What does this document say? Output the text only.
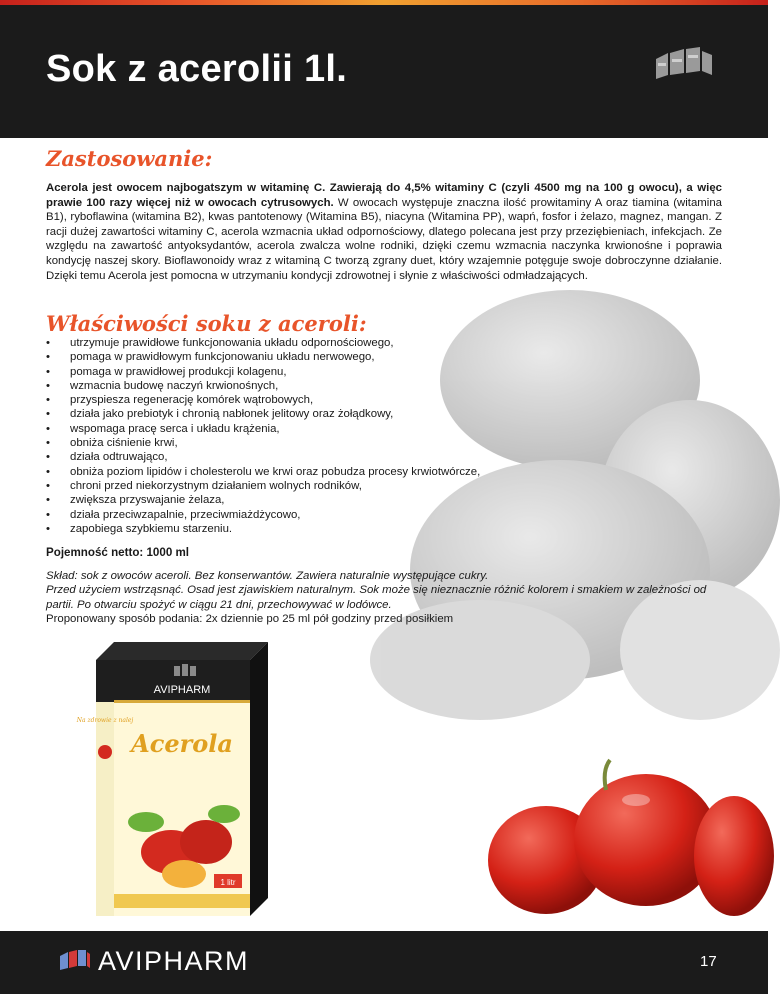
Sok z acerolii 1l.
Zastosowanie:
Acerola jest owocem najbogatszym w witaminę C. Zawierają do 4,5% witaminy C (czyli 4500 mg na 100 g owocu), a więc prawie 100 razy więcej niż w owocach cytrusowych. W owocach występuje znaczna ilość prowitaminy A oraz tiamina (witamina B1), ryboflawina (witamina B2), kwas pantotenowy (Witamina B5), niacyna (Witamina PP), wapń, fosfor i żelazo, magnez, mangan. Z racji dużej zawartości witaminy C, acerola wzmacnia układ odpornościowy, dlatego polecana jest przy przeziębieniach, infekcjach. Ze względu na zawartość antyoksydantów, acerola zwalcza wolne rodniki, dzięki czemu wzmacnia naczynka krwionośne i poprawia kondycję naszej skory. Bioflawonoidy wraz z witaminą C tworzą zgrany duet, który wzajemnie potęguje swoje dobroczynne działanie. Dzięki temu Acerola jest pomocna w utrzymaniu kondycji zdrowotnej i słynie z właściwości odmładzających.
Właściwości soku z aceroli:
• utrzymuje prawidłowe funkcjonowania układu odpornościowego,
• pomaga w prawidłowym funkcjonowaniu układu nerwowego,
• pomaga w prawidłowej produkcji kolagenu,
• wzmacnia budowę naczyń krwionośnych,
• przyspiesza regenerację komórek wątrobowych,
• działa jako prebiotyk i chronią nabłonek jelitowy oraz żołądkowy,
• wspomaga pracę serca i układu krążenia,
• obniża ciśnienie krwi,
• działa odtruwająco,
• obniża poziom lipidów i cholesterolu we krwi oraz pobudza procesy krwiotwórcze,
• chroni przed niekorzystnym działaniem wolnych rodników,
• zwiększa przyswajanie żelaza,
• działa przeciwzapalnie, przeciwmiażdżycowo,
• zapobiega szybkiemu starzeniu.
Pojemność netto: 1000 ml
Skład: sok z owoców aceroli. Bez konserwantów. Zawiera naturalnie występujące cukry.
Przed użyciem wstrząsnąć. Osad jest zjawiskiem naturalnym. Sok może się nieznacznie różnić kolorem i smakiem w zależności od partii. Po otwarciu spożyć w ciągu 21 dni, przechowywać w lodówce.
Proponowany sposób podania: 2x dziennie po 25 ml pół godziny przed posiłkiem
AVIPHARM
Acerola
Na zdrowie z nalej
1 litr
AVIPHARM	17
